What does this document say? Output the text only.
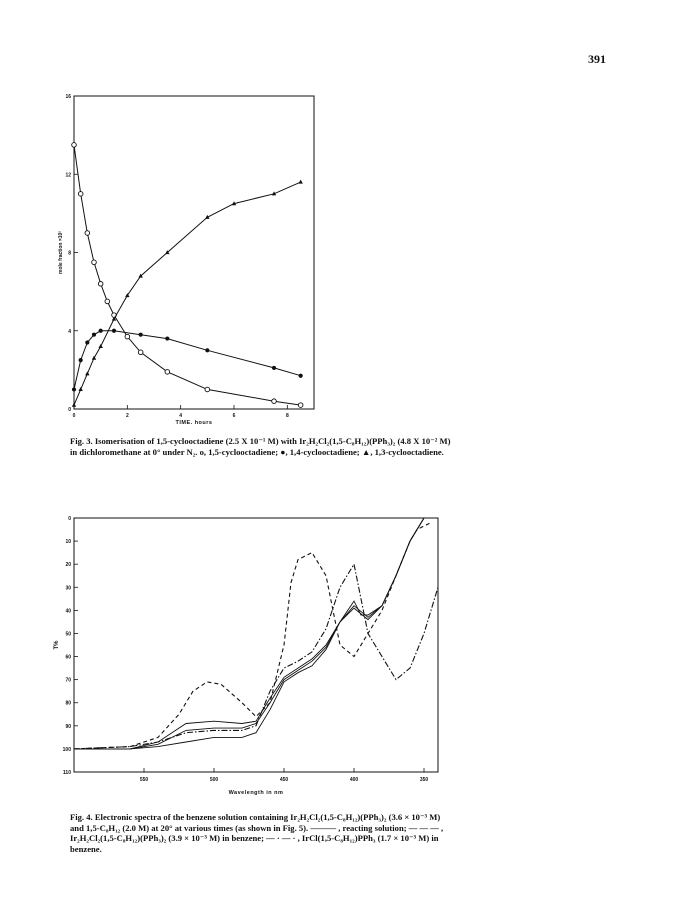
391
0	2	4	6	8
0
4
8
12
16
TIME, hours
mole fraction ×10²
Fig. 3. Isomerisation of 1,5-cyclooctadiene (2.5 X 10⁻¹ M) with Ir₂H₂Cl₂(1,5-C₈H₁₂)(PPh₃)₂ (4.8 X 10⁻² M)
in dichloromethane at 0° under N₂. o, 1,5-cyclooctadiene; ●, 1,4-cyclooctadiene; ▲, 1,3-cyclooctadiene.
550	500	450	400	350
0
10
20
30
40
50
60
70
80
90
100
110
Wavelength in nm
T%
Fig. 4. Electronic spectra of the benzene solution containing Ir₂H₂Cl₂(1,5-C₈H₁₂)(PPh₃)₂ (3.6 × 10⁻³ M)
and 1,5-C₈H₁₂ (2.0 M) at 20° at various times (as shown in Fig. 5). ——— , reacting solution; — — — ,
Ir₂H₂Cl₂(1,5-C₈H₁₂)(PPh₃)₂ (3.9 × 10⁻³ M) in benzene; — · — · , IrCl(1,5-C₈H₁₂)PPh₃ (1.7 × 10⁻³ M) in
benzene.
